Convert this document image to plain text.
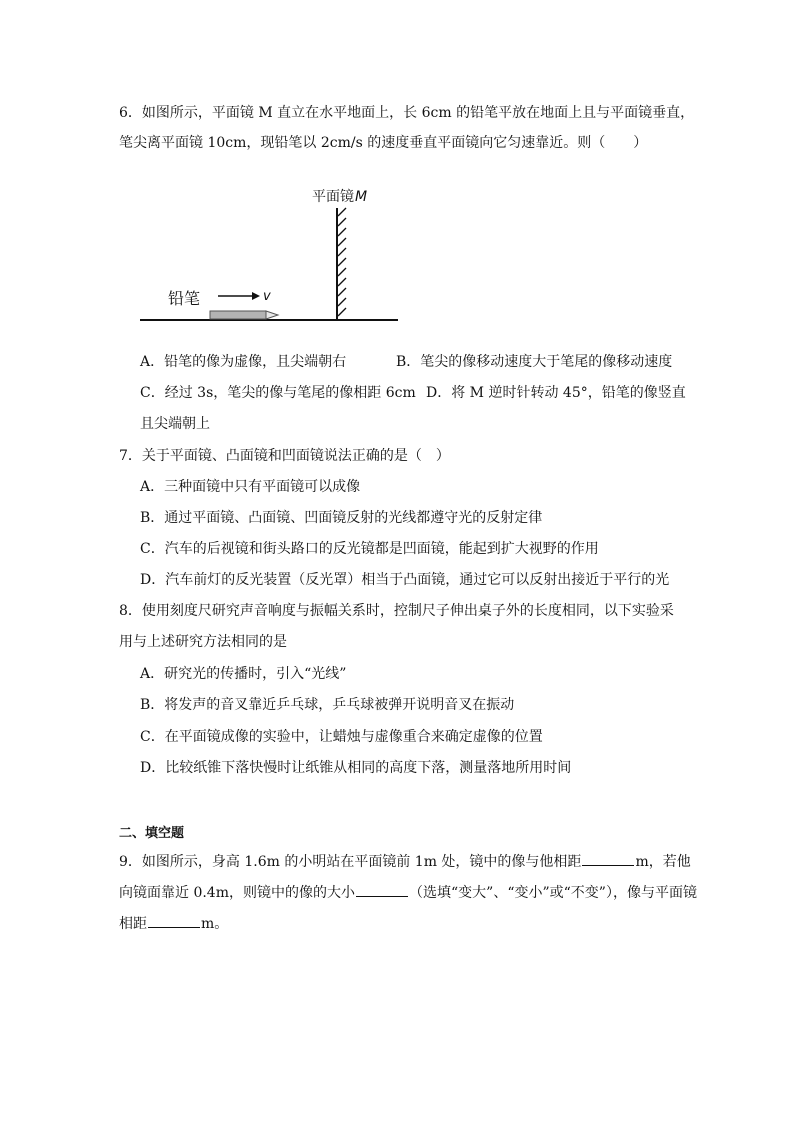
6．如图所示，平面镜 M 直立在水平地面上，长 6cm 的铅笔平放在地面上且与平面镜垂直，
笔尖离平面镜 10cm，现铅笔以 2cm/s 的速度垂直平面镜向它匀速靠近。则（　　）
平面镜 M
铅笔	v
A．铅笔的像为虚像，且尖端朝右	B．笔尖的像移动速度大于笔尾的像移动速度
C．经过 3s，笔尖的像与笔尾的像相距 6cm D．将 M 逆时针转动 45°，铅笔的像竖直
且尖端朝上
7．关于平面镜、凸面镜和凹面镜说法正确的是（　）
A．三种面镜中只有平面镜可以成像
B．通过平面镜、凸面镜、凹面镜反射的光线都遵守光的反射定律
C．汽车的后视镜和街头路口的反光镜都是凹面镜，能起到扩大视野的作用
D．汽车前灯的反光装置（反光罩）相当于凸面镜，通过它可以反射出接近于平行的光
8．使用刻度尺研究声音响度与振幅关系时，控制尺子伸出桌子外的长度相同，以下实验采
用与上述研究方法相同的是
A．研究光的传播时，引入“光线”
B．将发声的音叉靠近乒乓球，乒乓球被弹开说明音叉在振动
C．在平面镜成像的实验中，让蜡烛与虚像重合来确定虚像的位置
D．比较纸锥下落快慢时让纸锥从相同的高度下落，测量落地所用时间
二、填空题
9．如图所示，身高 1.6m 的小明站在平面镜前 1m 处，镜中的像与他相距	m，若他
向镜面靠近 0.4m，则镜中的像的大小	（选填“变大”、“变小”或“不变”），像与平面镜
相距	m。
